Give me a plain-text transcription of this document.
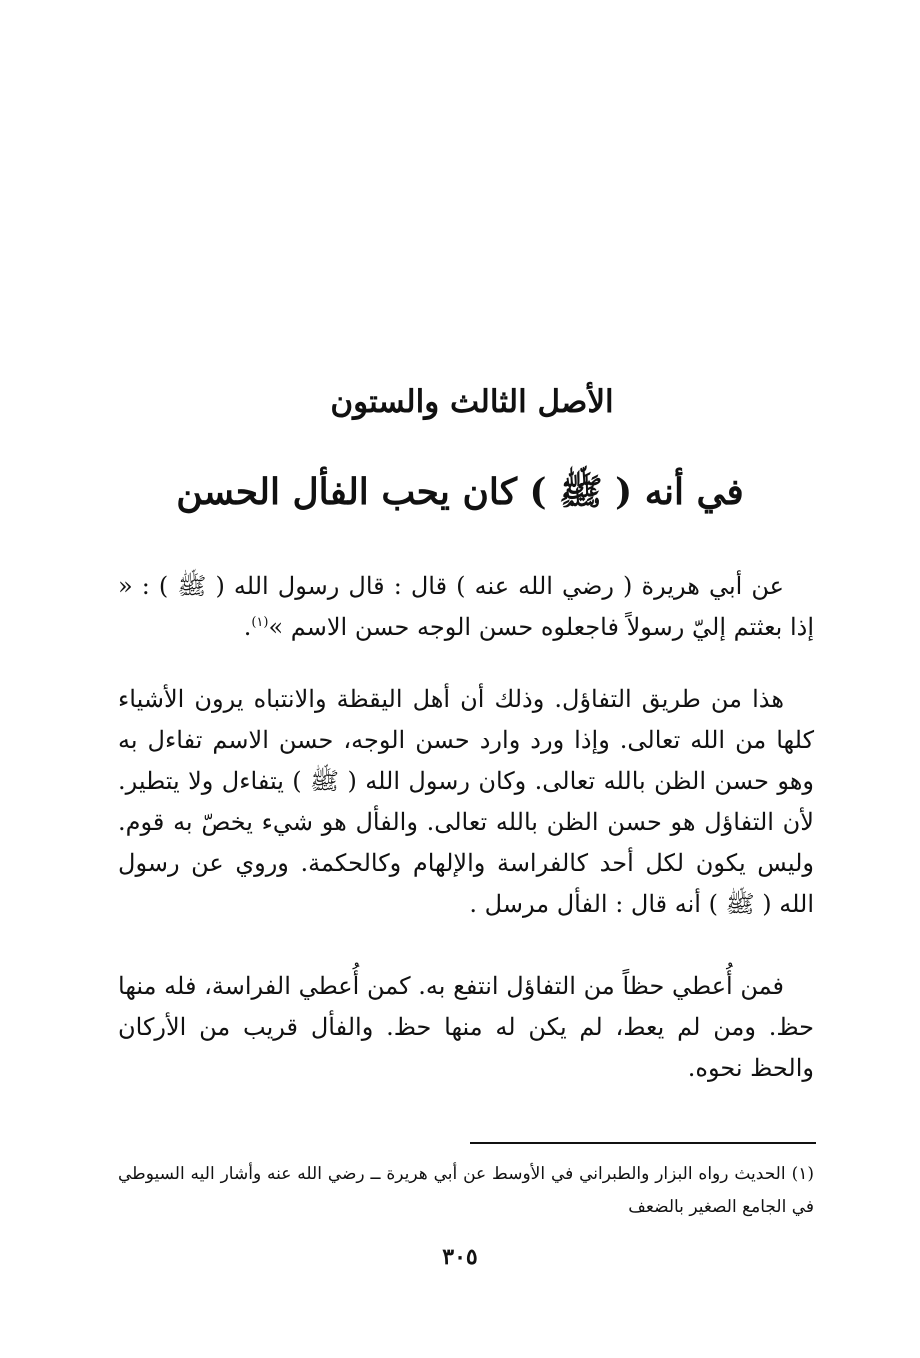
الأصل الثالث والستون
في أنه ( ﷺ ) كان يحب الفأل الحسن

عن أبي هريرة ( رضي الله عنه ) قال : قال رسول الله ( ﷺ ) : « إذا بعثتم إليّ رسولاً فاجعلوه حسن الوجه حسن الاسم »$^{(١)}$.

هذا من طريق التفاؤل. وذلك أن أهل اليقظة والانتباه يرون الأشياء كلها من الله تعالى. وإذا ورد وارد حسن الوجه، حسن الاسم تفاءل به وهو حسن الظن بالله تعالى. وكان رسول الله ( ﷺ ) يتفاءل ولا يتطير. لأن التفاؤل هو حسن الظن بالله تعالى. والفأل هو شيء يخصّ به قوم. وليس يكون لكل أحد كالفراسة والإلهام وكالحكمة. وروي عن رسول الله ( ﷺ ) أنه قال : الفأل مرسل .

فمن أُعطي حظاً من التفاؤل انتفع به. كمن أُعطي الفراسة، فله منها حظ. ومن لم يعط، لم يكن له منها حظ. والفأل قريب من الأركان والحظ نحوه.

(١)الحديث رواه البزار والطبراني في الأوسط عن أبي هريرة ــ رضي الله عنه وأشار اليه السيوطي في الجامع الصغير بالضعف
٣٠٥
